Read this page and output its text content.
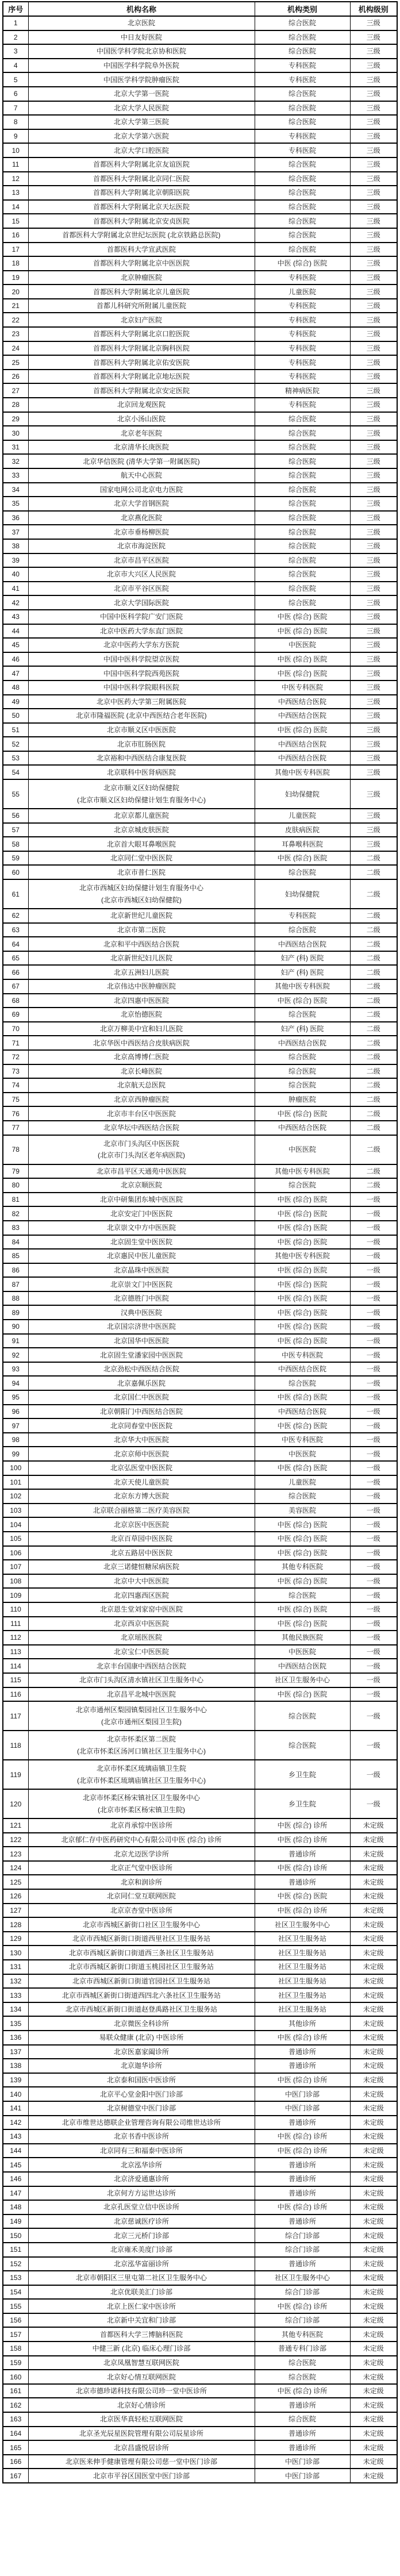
序号	机构名称	机构类别	机构级别
1	北京医院	综合医院	三级
2	中日友好医院	综合医院	三级
3	中国医学科学院北京协和医院	综合医院	三级
4	中国医学科学院阜外医院	专科医院	三级
5	中国医学科学院肿瘤医院	专科医院	三级
6	北京大学第一医院	综合医院	三级
7	北京大学人民医院	综合医院	三级
8	北京大学第三医院	综合医院	三级
9	北京大学第六医院	专科医院	三级
10	北京大学口腔医院	专科医院	三级
11	首都医科大学附属北京友谊医院	综合医院	三级
12	首都医科大学附属北京同仁医院	综合医院	三级
13	首都医科大学附属北京朝阳医院	综合医院	三级
14	首都医科大学附属北京天坛医院	综合医院	三级
15	首都医科大学附属北京安贞医院	综合医院	三级
16	首都医科大学附属北京世纪坛医院 (北京铁路总医院)	综合医院	三级
17	首都医科大学宣武医院	综合医院	三级
18	首都医科大学附属北京中医医院	中医 (综合) 医院	三级
19	北京肿瘤医院	专科医院	三级
20	首都医科大学附属北京儿童医院	儿童医院	三级
21	首都儿科研究所附属儿童医院	专科医院	三级
22	北京妇产医院	专科医院	三级
23	首都医科大学附属北京口腔医院	专科医院	三级
24	首都医科大学附属北京胸科医院	专科医院	三级
25	首都医科大学附属北京佑安医院	专科医院	三级
26	首都医科大学附属北京地坛医院	专科医院	三级
27	首都医科大学附属北京安定医院	精神病医院	三级
28	北京回龙观医院	专科医院	三级
29	北京小汤山医院	综合医院	三级
30	北京老年医院	综合医院	三级
31	北京清华长庚医院	综合医院	三级
32	北京华信医院 (清华大学第一附属医院)	综合医院	三级
33	航天中心医院	综合医院	三级
34	国家电网公司北京电力医院	综合医院	三级
35	北京大学首钢医院	综合医院	三级
36	北京燕化医院	综合医院	三级
37	北京市垂杨柳医院	综合医院	三级
38	北京市海淀医院	综合医院	三级
39	北京市昌平区医院	综合医院	三级
40	北京市大兴区人民医院	综合医院	三级
41	北京市平谷区医院	综合医院	三级
42	北京大学国际医院	综合医院	三级
43	中国中医科学院广安门医院	中医 (综合) 医院	三级
44	北京中医药大学东直门医院	中医 (综合) 医院	三级
45	北京中医药大学东方医院	中医医院	三级
46	中国中医科学院望京医院	中医 (综合) 医院	三级
47	中国中医科学院西苑医院	中医 (综合) 医院	三级
48	中国中医科学院眼科医院	中医专科医院	三级
49	北京中医药大学第三附属医院	中西医结合医院	三级
50	北京市隆福医院 (北京中西医结合老年医院)	中西医结合医院	三级
51	北京市顺义区中医医院	中医 (综合) 医院	三级
52	北京市肛肠医院	中西医结合医院	三级
53	北京裕和中西医结合康复医院	中西医结合医院	三级
54	北京联科中医肾病医院	其他中医专科医院	三级
55	北京市顺义区妇幼保健院
(北京市顺义区妇幼保健计划生育服务中心)	妇幼保健院	三级
56	北京京都儿童医院	儿童医院	三级
57	北京京城皮肤医院	皮肤病医院	三级
58	北京首大眼耳鼻喉医院	耳鼻喉科医院	三级
59	北京同仁堂中医医院	中医 (综合) 医院	二级
60	北京市普仁医院	综合医院	二级
61	北京市西城区妇幼保健计划生育服务中心
(北京市西城区妇幼保健院)	妇幼保健院	二级
62	北京新世纪儿童医院	专科医院	二级
63	北京市第二医院	综合医院	二级
64	北京和平中西医结合医院	中西医结合医院	二级
65	北京新世纪妇儿医院	妇产 (科) 医院	二级
66	北京五洲妇儿医院	妇产 (科) 医院	二级
67	北京伟达中医肿瘤医院	其他中医专科医院	二级
68	北京四惠中医医院	中医 (综合) 医院	二级
69	北京怡德医院	综合医院	二级
70	北京万柳美中宜和妇儿医院	妇产 (科) 医院	二级
71	北京华医中西医结合皮肤病医院	中西医结合医院	二级
72	北京高博博仁医院	综合医院	二级
73	北京长峰医院	综合医院	二级
74	北京航天总医院	综合医院	二级
75	北京京西肿瘤医院	肿瘤医院	二级
76	北京市丰台区中医医院	中医 (综合) 医院	二级
77	北京华坛中西医结合医院	中西医结合医院	二级
78	北京市门头沟区中医医院
(北京市门头沟区老年病医院)	中医医院	二级
79	北京市昌平区天通苑中医医院	其他中医专科医院	二级
80	北京京顺医院	综合医院	二级
81	北京中研集团东城中医医院	中医 (综合) 医院	一级
82	北京安定门中医医院	中医 (综合) 医院	一级
83	北京崇文中方中医医院	中医 (综合) 医院	一级
84	北京固生堂中医医院	中医 (综合) 医院	一级
85	北京惠民中医儿童医院	其他中医专科医院	一级
86	北京晶珠中医医院	中医 (综合) 医院	一级
87	北京崇文门中医医院	中医 (综合) 医院	一级
88	北京德胜门中医院	中医 (综合) 医院	一级
89	汉典中医医院	中医 (综合) 医院	一级
90	北京国宗济世中医医院	中医 (综合) 医院	一级
91	北京国华中医医院	中医 (综合) 医院	一级
92	北京固生堂潘家园中医医院	中医专科医院	一级
93	北京劲松中西医结合医院	中西医结合医院	一级
94	北京嘉佩乐医院	综合医院	一级
95	北京国仁中医医院	中医 (综合) 医院	一级
96	北京朝阳门中西医结合医院	中西医结合医院	一级
97	北京同春堂中医医院	中医 (综合) 医院	一级
98	北京华大中医医院	中医专科医院	一级
99	北京京师中医医院	中医医院	一级
100	北京弘医堂中医医院	中医 (综合) 医院	一级
101	北京天使儿童医院	儿童医院	一级
102	北京东方博大医院	综合医院	一级
103	北京联合丽格第二医疗美容医院	美容医院	一级
104	北京京医中医医院	中医 (综合) 医院	一级
105	北京百草园中医医院	中医 (综合) 医院	一级
106	北京五路居中医医院	中医 (综合) 医院	一级
107	北京三诺健恒糖尿病医院	其他专科医院	一级
108	北京中大中医医院	中医 (综合) 医院	一级
109	北京四惠西区医院	综合医院	一级
110	北京恩生堂刘家窑中医医院	中医 (综合) 医院	一级
111	北京西京中医医院	中医 (综合) 医院	一级
112	北京瑶医医院	其他民族医院	一级
113	北京宝仁中医医院	中医医院	一级
114	北京丰台国康中西医结合医院	中西医结合医院	一级
115	北京市门头沟区清水镇社区卫生服务中心	社区卫生服务中心	一级
116	北京昌平北城中医医院	中医 (综合) 医院	一级
117	北京市通州区梨园镇梨园社区卫生服务中心
(北京市通州区梨园卫生院)	综合医院	一级
118	北京市怀柔区第二医院
(北京市怀柔区汤河口镇社区卫生服务中心)	综合医院	一级
119	北京市怀柔区琉璃庙镇卫生院
(北京市怀柔区琉璃庙镇社区卫生服务中心)	乡卫生院	一级
120	北京市怀柔区杨宋镇社区卫生服务中心
(北京市怀柔区杨宋镇卫生院)	乡卫生院	一级
121	北京肖承悰中医诊所	中医 (综合) 诊所	未定级
122	北京郁仁存中医药研究中心有限公司中医 (综合) 诊所	中医 (综合) 诊所	未定级
123	北京尤迈医学诊所	普通诊所	未定级
124	北京正气堂中医诊所	中医 (综合) 诊所	未定级
125	北京和润诊所	普通诊所	未定级
126	北京同仁堂互联网医院	中医 (综合) 医院	未定级
127	北京京杏堂中医诊所	中医 (综合) 诊所	未定级
128	北京市西城区新街口社区卫生服务中心	社区卫生服务中心	未定级
129	北京市西城区新街口街道西里社区卫生服务站	社区卫生服务站	未定级
130	北京市西城区新街口街道西三条社区卫生服务站	社区卫生服务站	未定级
131	北京市西城区新街口街道玉桃园社区卫生服务站	社区卫生服务站	未定级
132	北京市西城区新街口街道官园社区卫生服务站	社区卫生服务站	未定级
133	北京市西城区新街口街道西四北六条社区卫生服务站	社区卫生服务站	未定级
134	北京市西城区新街口街道赵登禹路社区卫生服务站	社区卫生服务站	未定级
135	北京微医全科诊所	其他诊所	未定级
136	易联众健康 (北京) 中医诊所	中医 (综合) 诊所	未定级
137	北京医嘉家阖诊所	普通诊所	未定级
138	北京迦华诊所	普通诊所	未定级
139	北京泰和国医中医诊所	中医 (综合) 诊所	未定级
140	北京平心堂金阳中医门诊部	中医门诊部	未定级
141	北京树德堂中医门诊部	中医门诊部	未定级
142	北京市维世达德联企业管理咨询有限公司维世达诊所	普通诊所	未定级
143	北京书香中医诊所	中医 (综合) 诊所	未定级
144	北京同有三和福泰中医诊所	中医 (综合) 诊所	未定级
145	北京泓华诊所	普通诊所	未定级
146	北京济爱通惠诊所	普通诊所	未定级
147	北京何方方运世达诊所	普通诊所	未定级
148	北京孔医堂立信中医诊所	中医 (综合) 诊所	未定级
149	北京慈诚医疗诊所	普通诊所	未定级
150	北京三元桥门诊部	综合门诊部	未定级
151	北京雍禾美度门诊部	综合门诊部	未定级
152	北京泓华富丽诊所	普通诊所	未定级
153	北京市朝阳区三里屯第二社区卫生服务中心	社区卫生服务中心	未定级
154	北京优联美汇门诊部	综合门诊部	未定级
155	北京上医仁家中医诊所	中医 (综合) 诊所	未定级
156	北京新中关宜和门诊部	综合门诊部	未定级
157	首都医科大学三博脑科医院	其他专科医院	未定级
158	中健三新 (北京) 临床心理门诊部	普通专科门诊部	未定级
159	北京凤凰智慧互联网医院	综合医院	未定级
160	北京好心情互联网医院	综合医院	未定级
161	北京市德珍诺科技有限公司珍一堂中医诊所	中医 (综合) 诊所	未定级
162	北京好心情诊所	普通诊所	未定级
163	北京医华真轻松互联网医院	综合医院	未定级
164	北京圣光辰星医院管理有限公司辰星诊所	普通诊所	未定级
165	北京昌盛悦居诊所	普通诊所	未定级
166	北京医来伸手健康管理有限公司慈一堂中医门诊部	中医门诊部	未定级
167	北京市平谷区国医堂中医门诊部	中医门诊部	未定级
